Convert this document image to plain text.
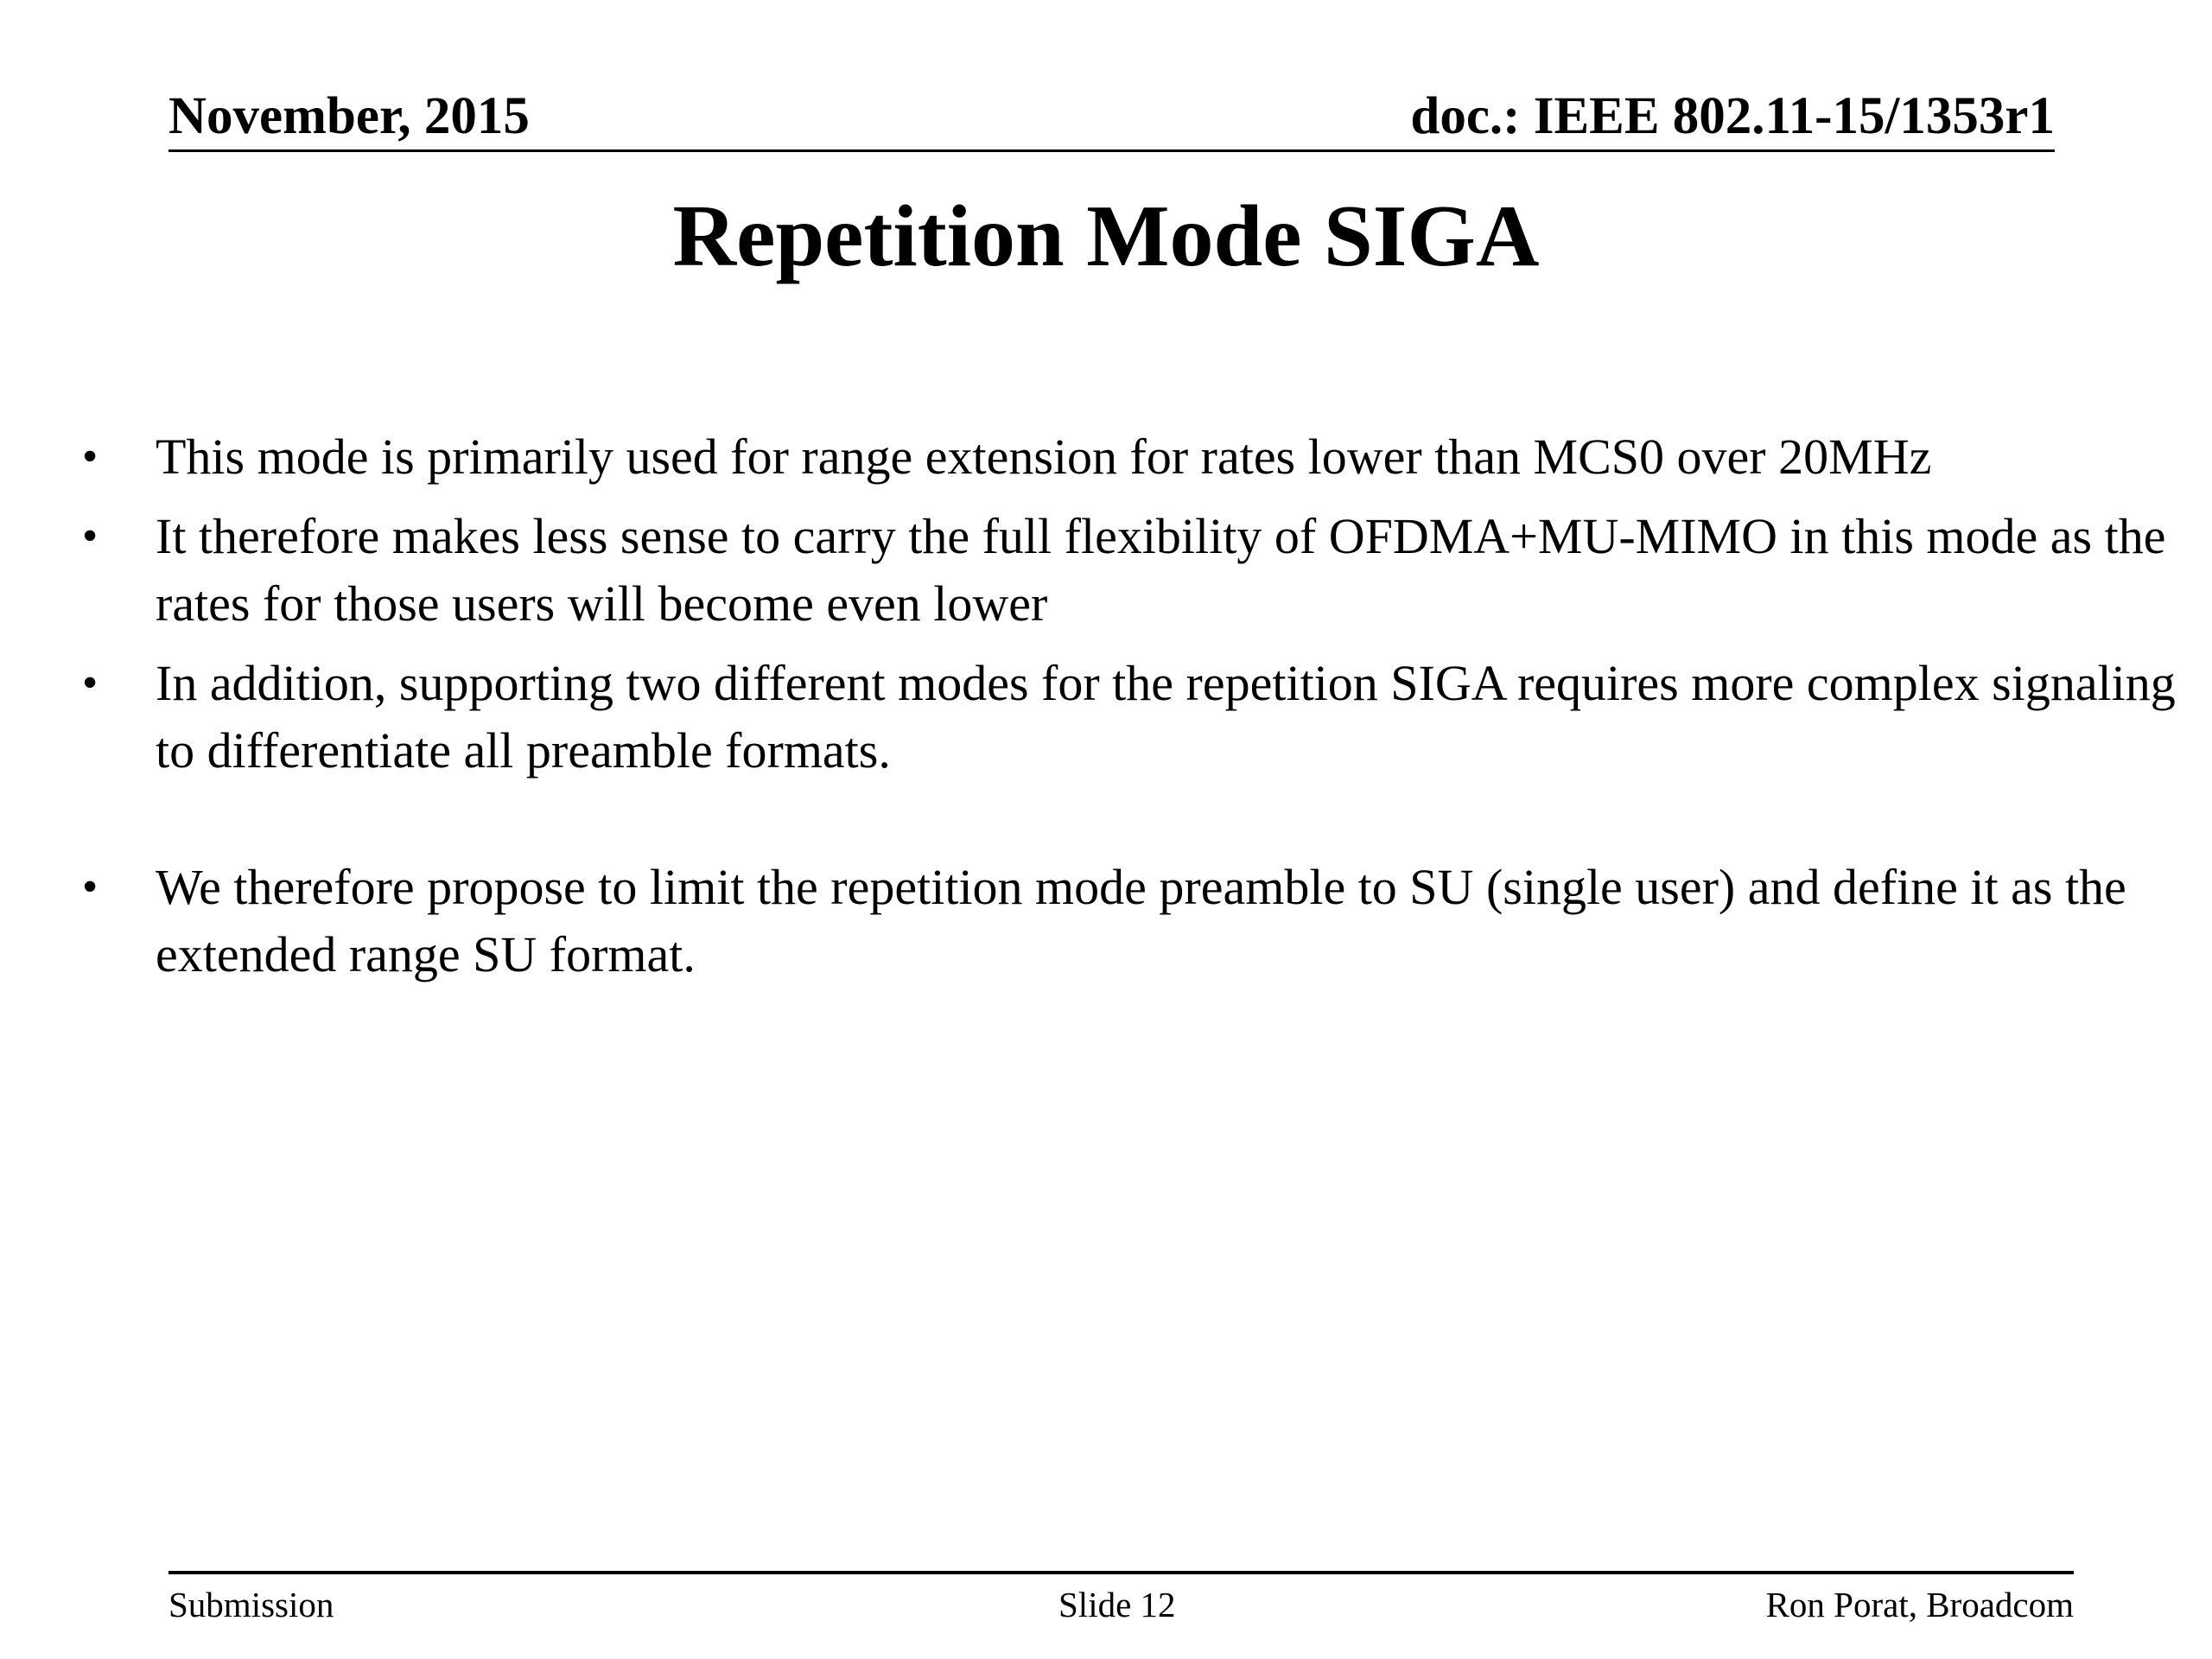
November, 2015	doc.: IEEE 802.11-15/1353r1
Repetition Mode SIGA
•	This mode is primarily used for range extension for rates lower than MCS0 over 20MHz
•	It therefore makes less sense to carry the full flexibility of OFDMA+MU-MIMO in this mode as the rates for those users will become even lower
•	In addition, supporting two different modes for the repetition SIGA requires more complex signaling to differentiate all preamble formats.
•	We therefore propose to limit the repetition mode preamble to SU (single user) and define it as the extended range SU format.
Submission	Slide 12	Ron Porat, Broadcom
